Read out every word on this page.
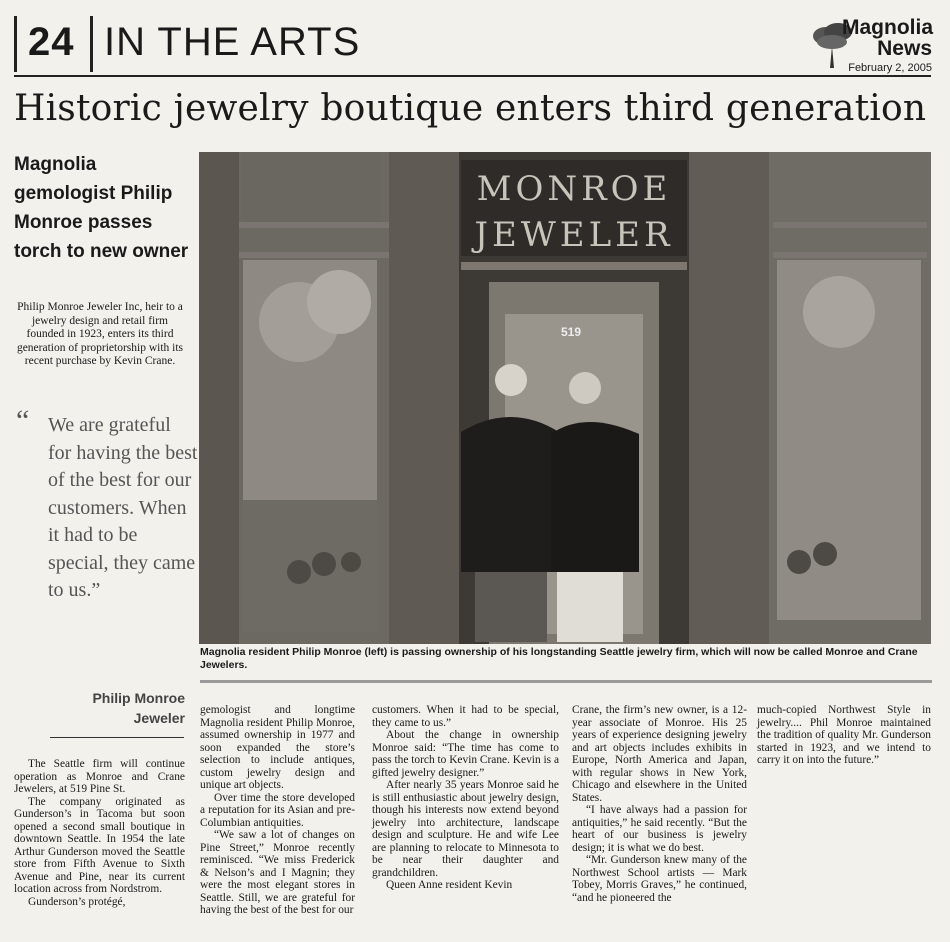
24 IN THE ARTS	Magnolia
News
February 2, 2005
Historic jewelry boutique enters third generation
Magnolia gemologist Philip Monroe passes torch to new owner
Philip Monroe Jeweler Inc, heir to a jewelry design and retail firm founded in 1923, enters its third generation of proprietorship with its recent purchase by Kevin Crane.
“ We are grateful for having the best of the best for our customers. When it had to be special, they came to us.”
Philip Monroe
Jeweler
MONROE
JEWELER
519
Magnolia resident Philip Monroe (left) is passing ownership of his longstanding Seattle jewelry firm, which will now be called Monroe and Crane Jewelers.

The Seattle firm will continue operation as Monroe and Crane Jewelers, at 519 Pine St.

The company originated as Gunderson’s in Tacoma but soon opened a second small boutique in downtown Seattle. In 1954 the late Arthur Gunderson moved the Seattle store from Fifth Avenue to Sixth Avenue and Pine, near its current location across from Nordstrom.

Gunderson’s protégé,

gemologist and longtime Magnolia resident Philip Monroe, assumed ownership in 1977 and soon expanded the store’s selection to include antiques, custom jewelry design and unique art objects.

Over time the store developed a reputation for its Asian and pre-Columbian antiquities.

“We saw a lot of changes on Pine Street,” Monroe recently reminisced. “We miss Frederick & Nelson’s and I Magnin; they were the most elegant stores in Seattle. Still, we are grateful for having the best of the best for our

customers. When it had to be special, they came to us.”

About the change in ownership Monroe said: “The time has come to pass the torch to Kevin Crane. Kevin is a gifted jewelry designer.”

After nearly 35 years Monroe said he is still enthusiastic about jewelry design, though his interests now extend beyond jewelry into architecture, landscape design and sculpture. He and wife Lee are planning to relocate to Minnesota to be near their daughter and grandchildren.

Queen Anne resident Kevin

Crane, the firm’s new owner, is a 12-year associate of Monroe. His 25 years of experience designing jewelry and art objects includes exhibits in Europe, North America and Japan, with regular shows in New York, Chicago and elsewhere in the United States.

“I have always had a passion for antiquities,” he said recently. “But the heart of our business is jewelry design; it is what we do best.

“Mr. Gunderson knew many of the Northwest School artists — Mark Tobey, Morris Graves,” he continued, “and he pioneered the

much-copied Northwest Style in jewelry.... Phil Monroe maintained the tradition of quality Mr. Gunderson started in 1923, and we intend to carry it on into the future.”
